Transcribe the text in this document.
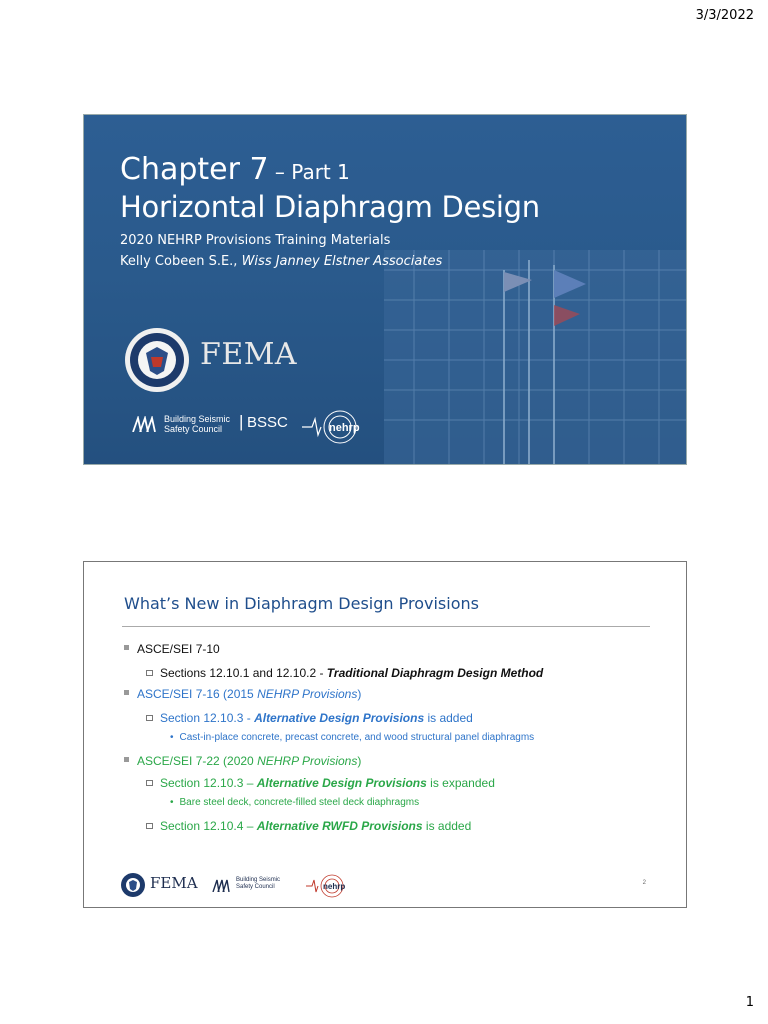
3/3/2022
Chapter 7 – Part 1
Horizontal Diaphragm Design
2020 NEHRP Provisions Training Materials
Kelly Cobeen S.E., Wiss Janney Elstner Associates
FEMA
Building Seismic Safety Council | BSSC	nehrp
What’s New in Diaphragm Design Provisions
ASCE/SEI 7-10
Sections 12.10.1 and 12.10.2 - Traditional Diaphragm Design Method
ASCE/SEI 7-16 (2015 NEHRP Provisions)
Section 12.10.3 - Alternative Design Provisions is added
• Cast-in-place concrete, precast concrete, and wood structural panel diaphragms
ASCE/SEI 7-22 (2020 NEHRP Provisions)
Section 12.10.3 – Alternative Design Provisions is expanded
• Bare steel deck, concrete-filled steel deck diaphragms
Section 12.10.4 – Alternative RWFD Provisions is added
FEMA	Building Seismic Safety Council	nehrp	2
1
